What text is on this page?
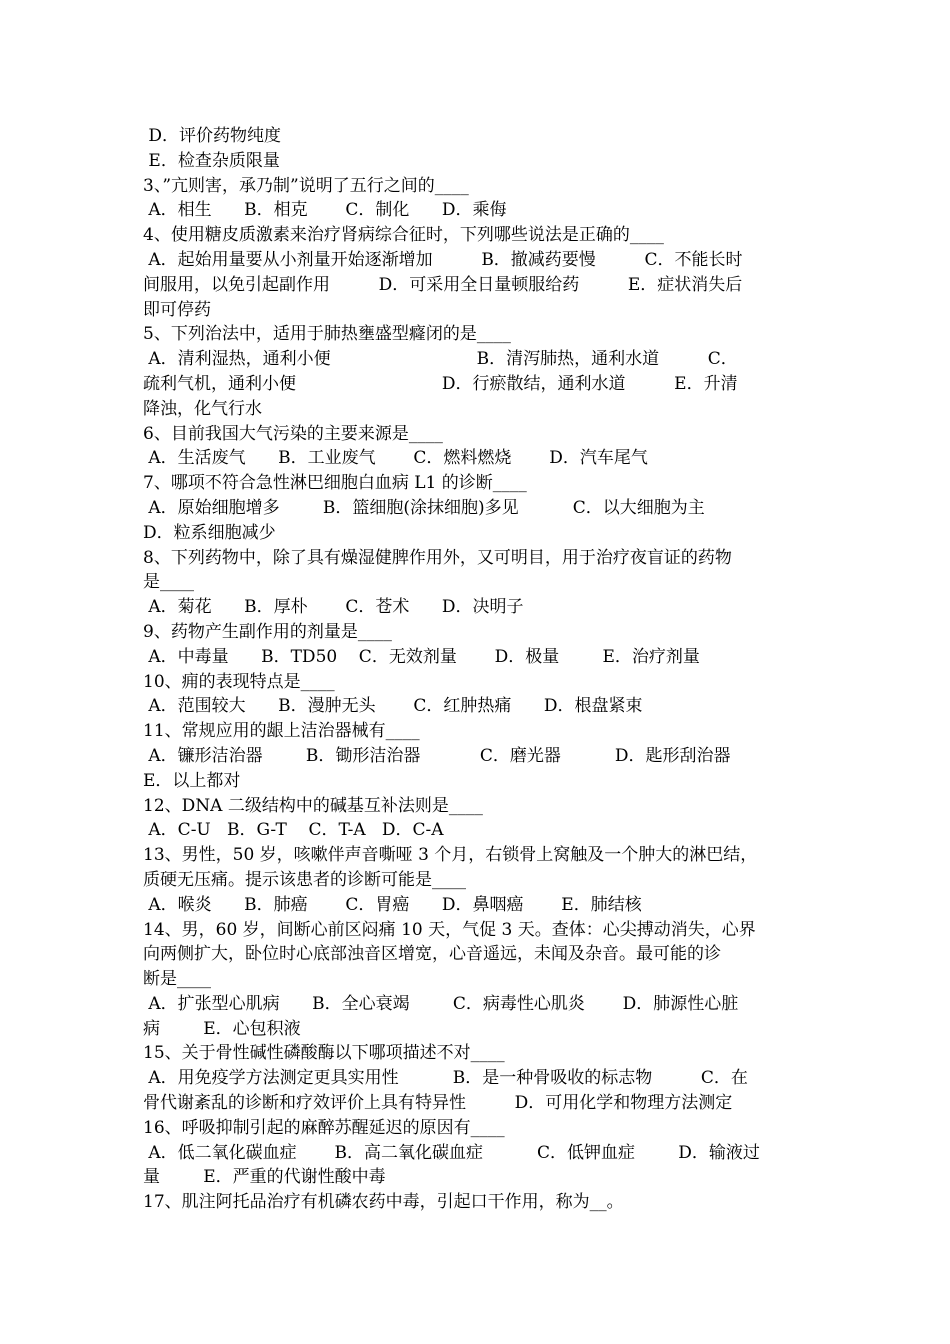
D．评价药物纯度
E．检查杂质限量
3、”亢则害，承乃制”说明了五行之间的____
A．相生      B．相克       C．制化      D．乘侮
4、使用糖皮质激素来治疗肾病综合征时，下列哪些说法是正确的____
A．起始用量要从小剂量开始逐渐增加         B．撤减药要慢         C．不能长时
间服用，以免引起副作用         D．可采用全日量顿服给药         E．症状消失后
即可停药
5、下列治法中，适用于肺热壅盛型癃闭的是____
A．清利湿热，通利小便                           B．清泻肺热，通利水道         C．
疏利气机，通利小便                           D．行瘀散结，通利水道         E．升清
降浊，化气行水
6、目前我国大气污染的主要来源是____
A．生活废气      B．工业废气       C．燃料燃烧       D．汽车尾气
7、哪项不符合急性淋巴细胞白血病 L1 的诊断____
A．原始细胞增多        B．篮细胞(涂抹细胞)多见          C．以大细胞为主
D．粒系细胞减少
8、下列药物中，除了具有燥湿健脾作用外，又可明目，用于治疗夜盲证的药物
是____
A．菊花      B．厚朴       C．苍术      D．决明子
9、药物产生副作用的剂量是____
A．中毒量      B．TD50    C．无效剂量       D．极量        E．治疗剂量
10、痈的表现特点是____
A．范围较大      B．漫肿无头       C．红肿热痛      D．根盘紧束
11、常规应用的龈上洁治器械有____
A．镰形洁治器        B．锄形洁治器           C．磨光器          D．匙形刮治器
E．以上都对
12、DNA 二级结构中的碱基互补法则是____
A．C-U   B．G-T    C．T-A   D．C-A
13、男性，50 岁，咳嗽伴声音嘶哑 3 个月，右锁骨上窝触及一个肿大的淋巴结，
质硬无压痛。提示该患者的诊断可能是____
A．喉炎      B．肺癌       C．胃癌      D．鼻咽癌       E．肺结核
14、男，60 岁，间断心前区闷痛 10 天，气促 3 天。查体：心尖搏动消失，心界
向两侧扩大，卧位时心底部浊音区增宽，心音遥远，未闻及杂音。最可能的诊
断是____
A．扩张型心肌病      B．全心衰竭        C．病毒性心肌炎       D．肺源性心脏
病        E．心包积液
15、关于骨性碱性磷酸酶以下哪项描述不对____
A．用免疫学方法测定更具实用性          B．是一种骨吸收的标志物         C．在
骨代谢紊乱的诊断和疗效评价上具有特异性         D．可用化学和物理方法测定
16、呼吸抑制引起的麻醉苏醒延迟的原因有____
A．低二氧化碳血症       B．高二氧化碳血症          C．低钾血症        D．输液过
量        E．严重的代谢性酸中毒
17、肌注阿托品治疗有机磷农药中毒，引起口干作用，称为__。
